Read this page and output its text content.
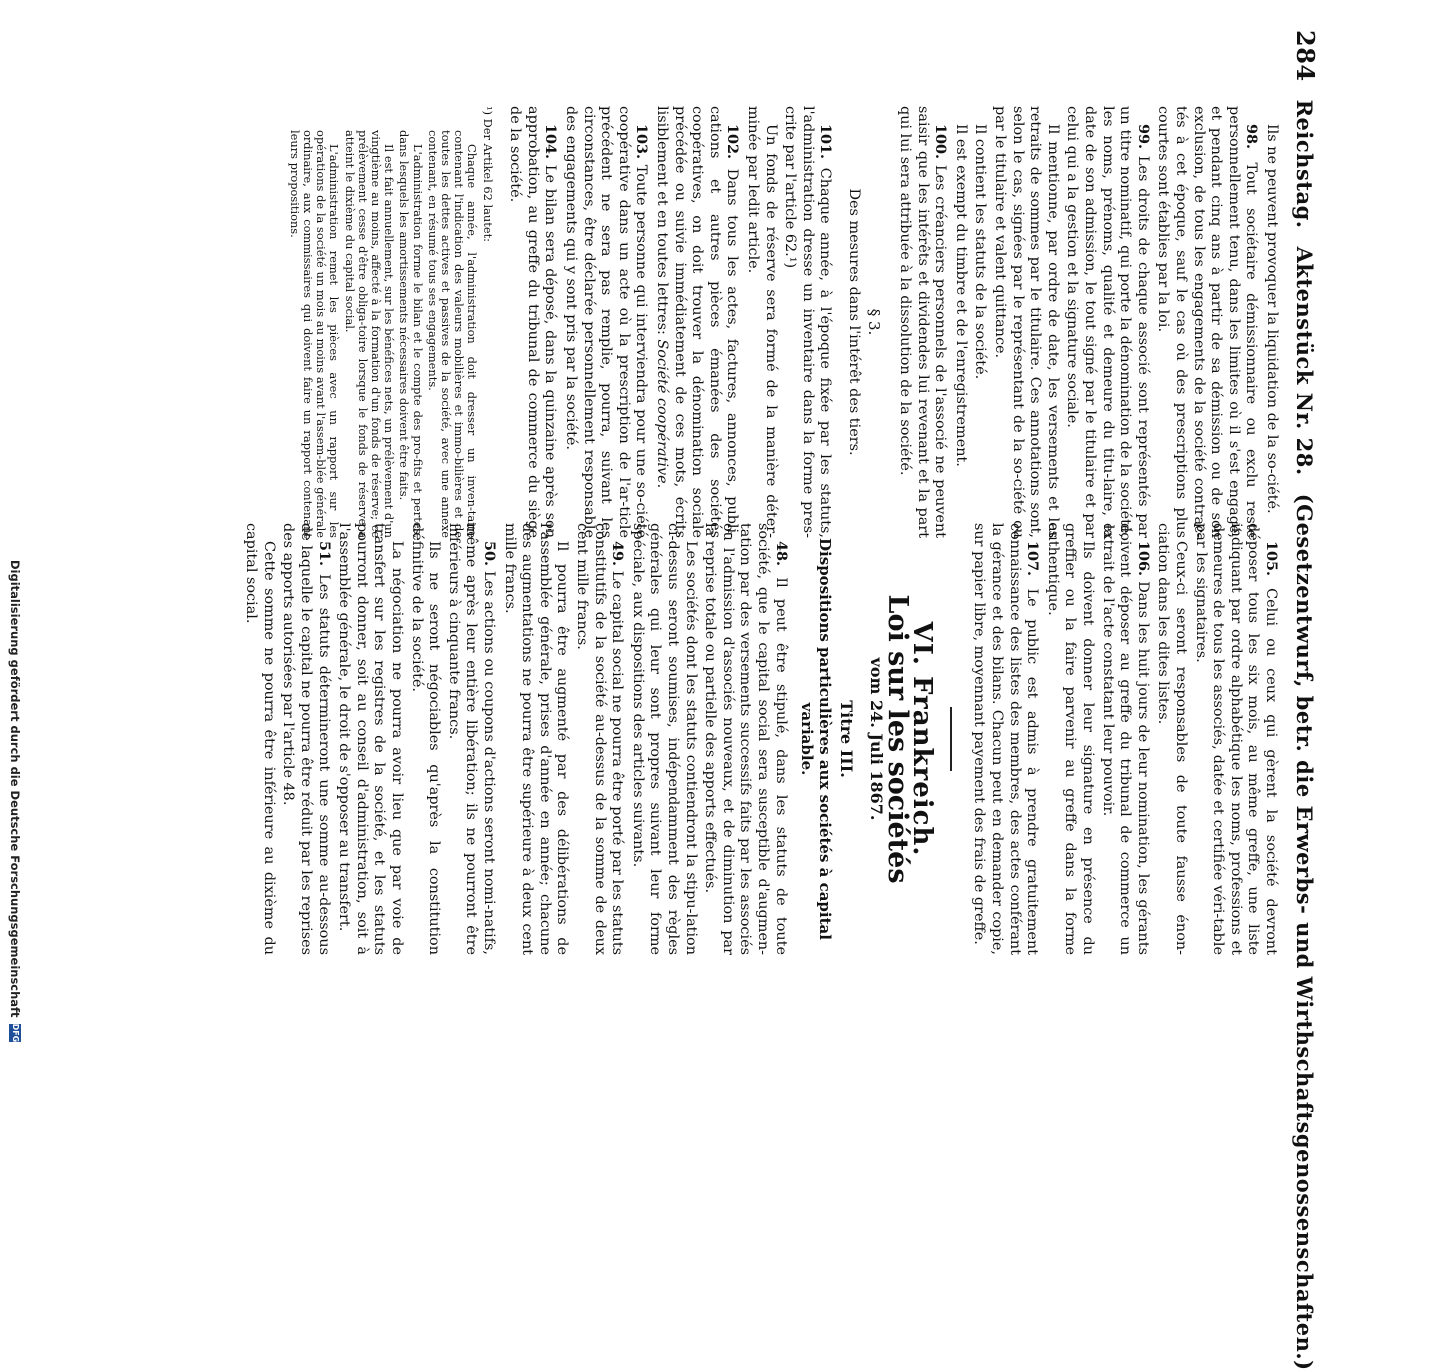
284
Reichstag.
Aktenstück Nr. 28.
(Gesetzentwurf, betr. die Erwerbs- und Wirthschaftsgenossenschaften.)

Ils ne peuvent provoquer la liquidation de la so-ciété.

98. Tout sociétaire démissionnaire ou exclu reste personnellement tenu, dans les limites où il s'est engagé, et pendant cinq ans à partir de sa démission ou de son exclusion, de tous les engagements de la société contrac-tés à cet époque, sauf le cas où des prescriptions plus courtes sont établies par la loi.

99. Les droits de chaque associé sont représentés par un titre nominatif, qui porte la dénomination de la société, les noms, prénoms, qualité et demeure du titu-laire, la date de son admission, le tout signé par le titulaire et par celui qui a la gestion et la signature sociale.

Il mentionne, par ordre de date, les versements et les retraits de sommes par le titulaire. Ces annotations sont, selon le cas, signées par le représentant de la so-ciété ou par le titulaire et valent quittance.

Il contient les statuts de la société.

Il est exempt du timbre et de l'enregistrement.

100. Les créanciers personnels de l'associé ne peuvent saisir que les intérêts et dividendes lui revenant et la part qui lui sera attribuée à la dissolution de la société.

§ 3.
Des mesures dans l'intérêt des tiers.

101. Chaque année, à l'époque fixée par les statuts, l'administration dresse un inventaire dans la forme pres-crite par l'article 62.¹)

Un fonds de réserve sera formé de la manière déter-minée par ledit article.

102. Dans tous les actes, factures, annonces, publi-cations et autres pièces émanées des sociétés coopératives, on doit trouver la dénomination sociale précédée ou suivie immédiatement de ces mots, écrits lisiblement et en toutes lettres: Société coopérative.

103. Toute personne qui interviendra pour une so-ciété coopérative dans un acte où la prescription de l'ar-ticle précédent ne sera pas remplie, pourra, suivant les circonstances, être déclarée personnellement responsable des engagements qui y sont pris par la société.

104. Le bilan sera déposé, dans la quinzaine après son approbation, au greffe du tribunal de commerce du siège de la société.

¹) Der Artikel 62 lautet:

Chaque année, l'administration doit dresser un inven-taire contenant l'indication des valeurs mobilières et immo-bilières et de toutes les dettes actives et passives de la société, avec une annexe contenant, en résumé tous ses engagements.

L'administration forme le bilan et le compte des pro-fits et pertes, dans lesquels les amortissements nécessaires doivent être faits.

Il est fait annuellement, sur les bénéfices nets, un prélèvement d'un vingtième au moins, affecté à la formation d'un fonds de réserve; ce prélèvement cesse d'être obliga-toire lorsque le fonds de réserve a atteint le dixième du capital social.

L'administration remet les pièces avec un rapport sur les opérations de la société un mois au moins avant l'assem-blée générale ordinaire, aux commissaires qui doivent faire un rapport contenant leurs propositions.

105. Celui ou ceux qui gèrent la société devront déposer tous les six mois, au même greffe, une liste indiquant par ordre alphabétique les noms, professions et demeures de tous les associés, datée et certifiée véri-table par les signataires.

Ceux-ci seront responsables de toute fausse énon-ciation dans les dites listes.

106. Dans les huit jours de leur nomination, les gérants doivent déposer au greffe du tribunal de commerce un extrait de l'acte constatant leur pouvoir.

Ils doivent donner leur signature en présence du greffier ou la faire parvenir au greffe dans la forme authentique.

107. Le public est admis à prendre gratuitement connaissance des listes des membres, des actes conférant la gérance et des bilans. Chacun peut en demander copie, sur papier libre, moyennant payement des frais de greffe.

VI. Frankreich.
Loi sur les sociétés
vom 24. Juli 1867.
Titre III.
Dispositions particulières aux sociétés à capital variable.

48. Il peut être stipulé, dans les statuts de toute société, que le capital social sera susceptible d'augmen-tation par des versements successifs faits par les associés ou l'admission d'associés nouveaux, et de diminution par la reprise totale ou partielle des apports effectués.

Les sociétés dont les statuts contiendront la stipu-lation ci-dessus seront soumises, indépendamment des règles générales qui leur sont propres suivant leur forme spéciale, aux dispositions des articles suivants.

49. Le capital social ne pourra être porté par les statuts constitutifs de la société au-dessus de la somme de deux cent mille francs.

Il pourra être augmenté par des délibérations de l'assemblée générale, prises d'année en année; chacune des augmentations ne pourra être supérieure à deux cent mille francs.

50. Les actions ou coupons d'actions seront nomi-natifs, même après leur entière libération; ils ne pourront être inférieurs à cinquante francs.

Ils ne seront négociables qu'après la constitution définitive de la société.

La négociation ne pourra avoir lieu que par voie de transfert sur les registres de la société, et les statuts pourront donner, soit au conseil d'administration, soit à l'assemblée générale, le droit de s'opposer au transfert.

51. Les statuts détermineront une somme au-dessous de laquelle le capital ne pourra être réduit par les reprises des apports autorisées par l'article 48.

Cette somme ne pourra être inférieure au dixième du capital social.

Digitalisierung gefördert durch die Deutsche Forschungsgemeinschaft
DFG
